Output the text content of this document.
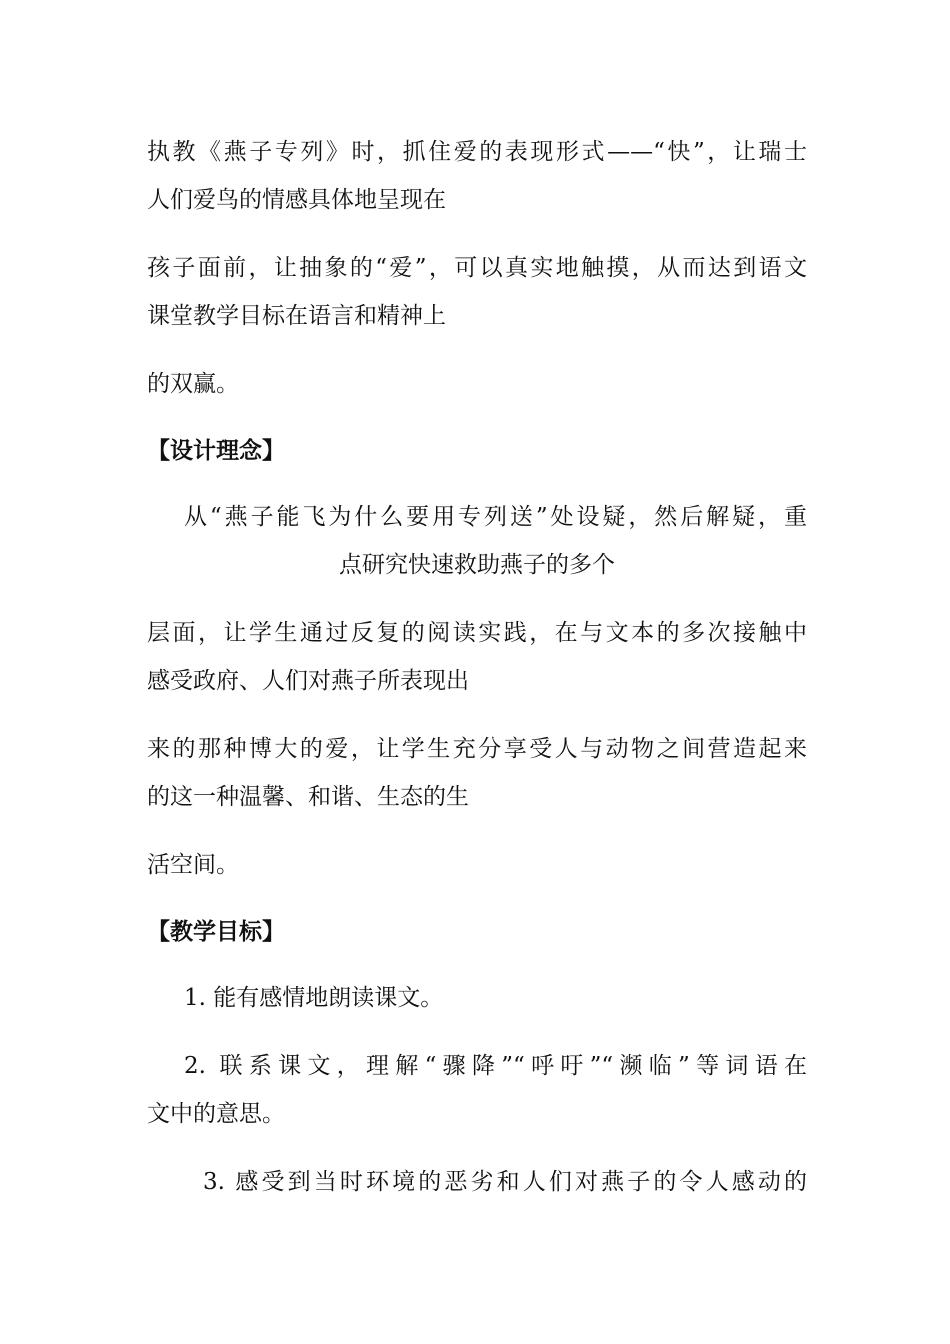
执教《燕子专列》时，抓住爱的表现形式——“快”，让瑞士
人们爱鸟的情感具体地呈现在
孩子面前，让抽象的“爱”，可以真实地触摸，从而达到语文
课堂教学目标在语言和精神上
的双赢。
【设计理念】
从“燕子能飞为什么要用专列送”处设疑，然后解疑，重
点研究快速救助燕子的多个
层面，让学生通过反复的阅读实践，在与文本的多次接触中
感受政府、人们对燕子所表现出
来的那种博大的爱，让学生充分享受人与动物之间营造起来
的这一种温馨、和谐、生态的生
活空间。
【教学目标】
1. 能有感情地朗读课文。
2. 联系课文，理解“骤降”“呼吁”“濒临”等词语在
文中的意思。
3. 感受到当时环境的恶劣和人们对燕子的令人感动的
